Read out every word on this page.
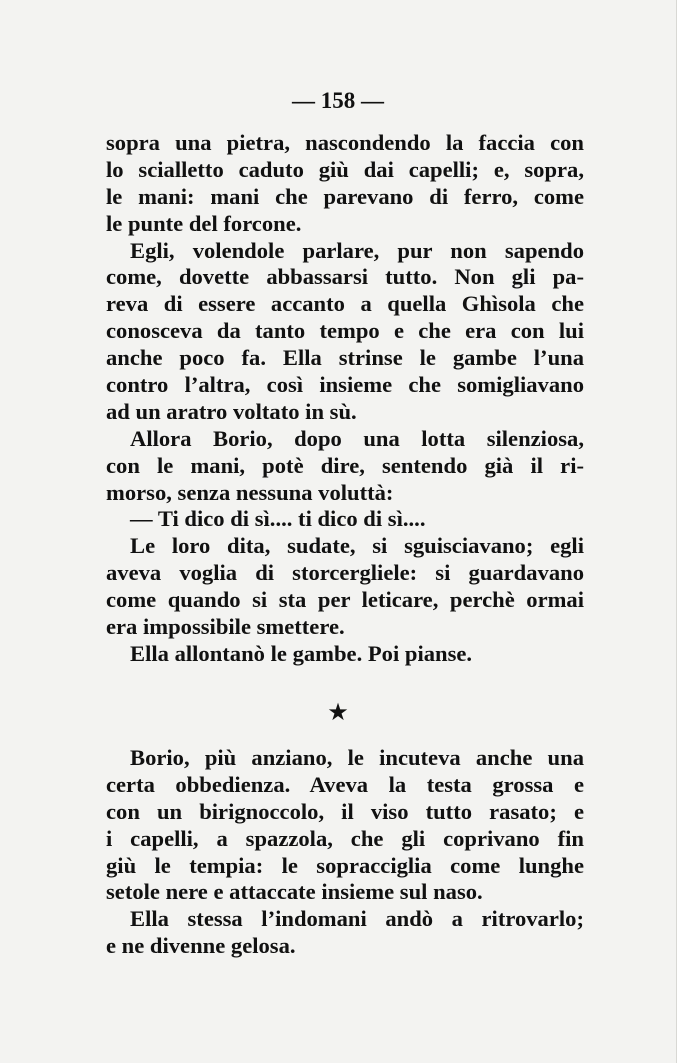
— 158 —
sopra una pietra, nascondendo la faccia con
lo scialletto caduto giù dai capelli; e, sopra,
le mani: mani che parevano di ferro, come
le punte del forcone.
Egli, volendole parlare, pur non sapendo
come, dovette abbassarsi tutto. Non gli pa-
reva di essere accanto a quella Ghìsola che
conosceva da tanto tempo e che era con lui
anche poco fa. Ella strinse le gambe l’una
contro l’altra, così insieme che somigliavano
ad un aratro voltato in sù.
Allora Borio, dopo una lotta silenziosa,
con le mani, potè dire, sentendo già il ri-
morso, senza nessuna voluttà:
— Ti dico di sì.... ti dico di sì....
Le loro dita, sudate, si sguisciavano; egli
aveva voglia di storcergliele: si guardavano
come quando si sta per leticare, perchè ormai
era impossibile smettere.
Ella allontanò le gambe. Poi pianse.
★
Borio, più anziano, le incuteva anche una
certa obbedienza. Aveva la testa grossa e
con un birignoccolo, il viso tutto rasato; e
i capelli, a spazzola, che gli coprivano fin
giù le tempia: le sopracciglia come lunghe
setole nere e attaccate insieme sul naso.
Ella stessa l’indomani andò a ritrovarlo;
e ne divenne gelosa.
